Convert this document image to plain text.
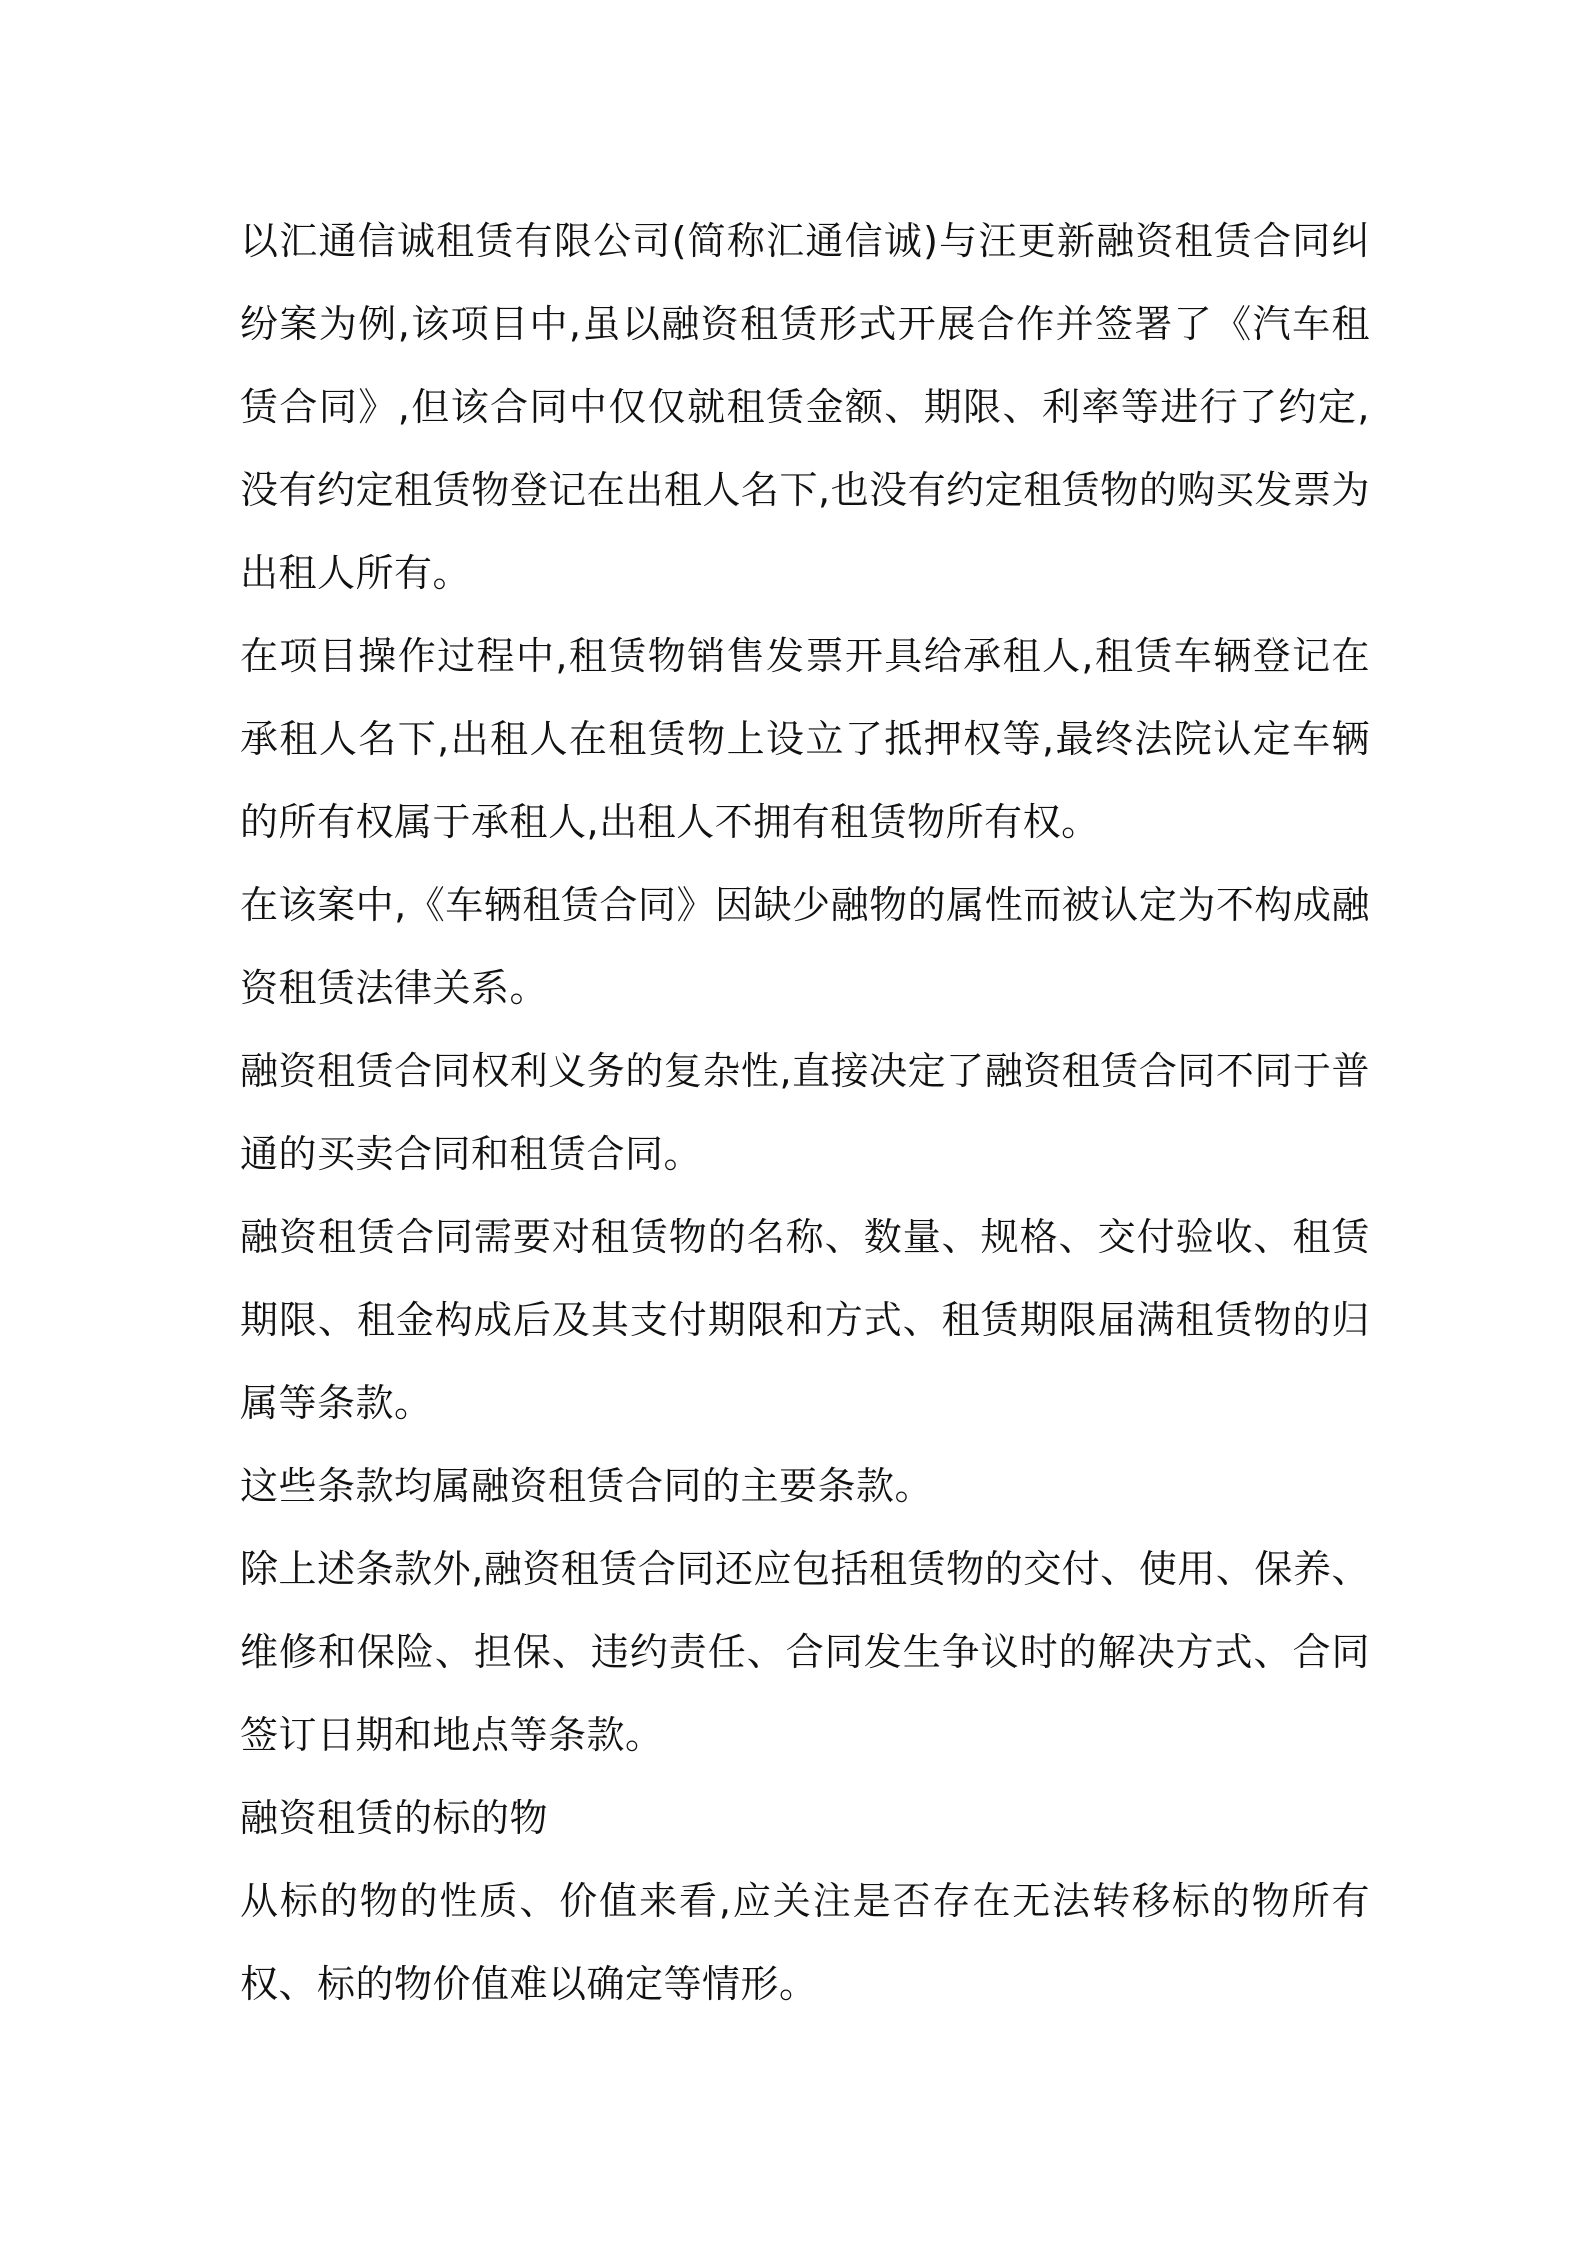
以汇通信诚租赁有限公司(简称汇通信诚)与汪更新融资租赁合同纠纷案为例,该项目中,虽以融资租赁形式开展合作并签署了《汽车租赁合同》,但该合同中仅仅就租赁金额、期限、利率等进行了约定,没有约定租赁物登记在出租人名下,也没有约定租赁物的购买发票为出租人所有。

在项目操作过程中,租赁物销售发票开具给承租人,租赁车辆登记在承租人名下,出租人在租赁物上设立了抵押权等,最终法院认定车辆的所有权属于承租人,出租人不拥有租赁物所有权。

在该案中,《车辆租赁合同》因缺少融物的属性而被认定为不构成融资租赁法律关系。

融资租赁合同权利义务的复杂性,直接决定了融资租赁合同不同于普通的买卖合同和租赁合同。

融资租赁合同需要对租赁物的名称、数量、规格、交付验收、租赁期限、租金构成后及其支付期限和方式、租赁期限届满租赁物的归属等条款。

这些条款均属融资租赁合同的主要条款。

除上述条款外,融资租赁合同还应包括租赁物的交付、使用、保养、维修和保险、担保、违约责任、合同发生争议时的解决方式、合同签订日期和地点等条款。

融资租赁的标的物

从标的物的性质、价值来看,应关注是否存在无法转移标的物所有权、标的物价值难以确定等情形。
